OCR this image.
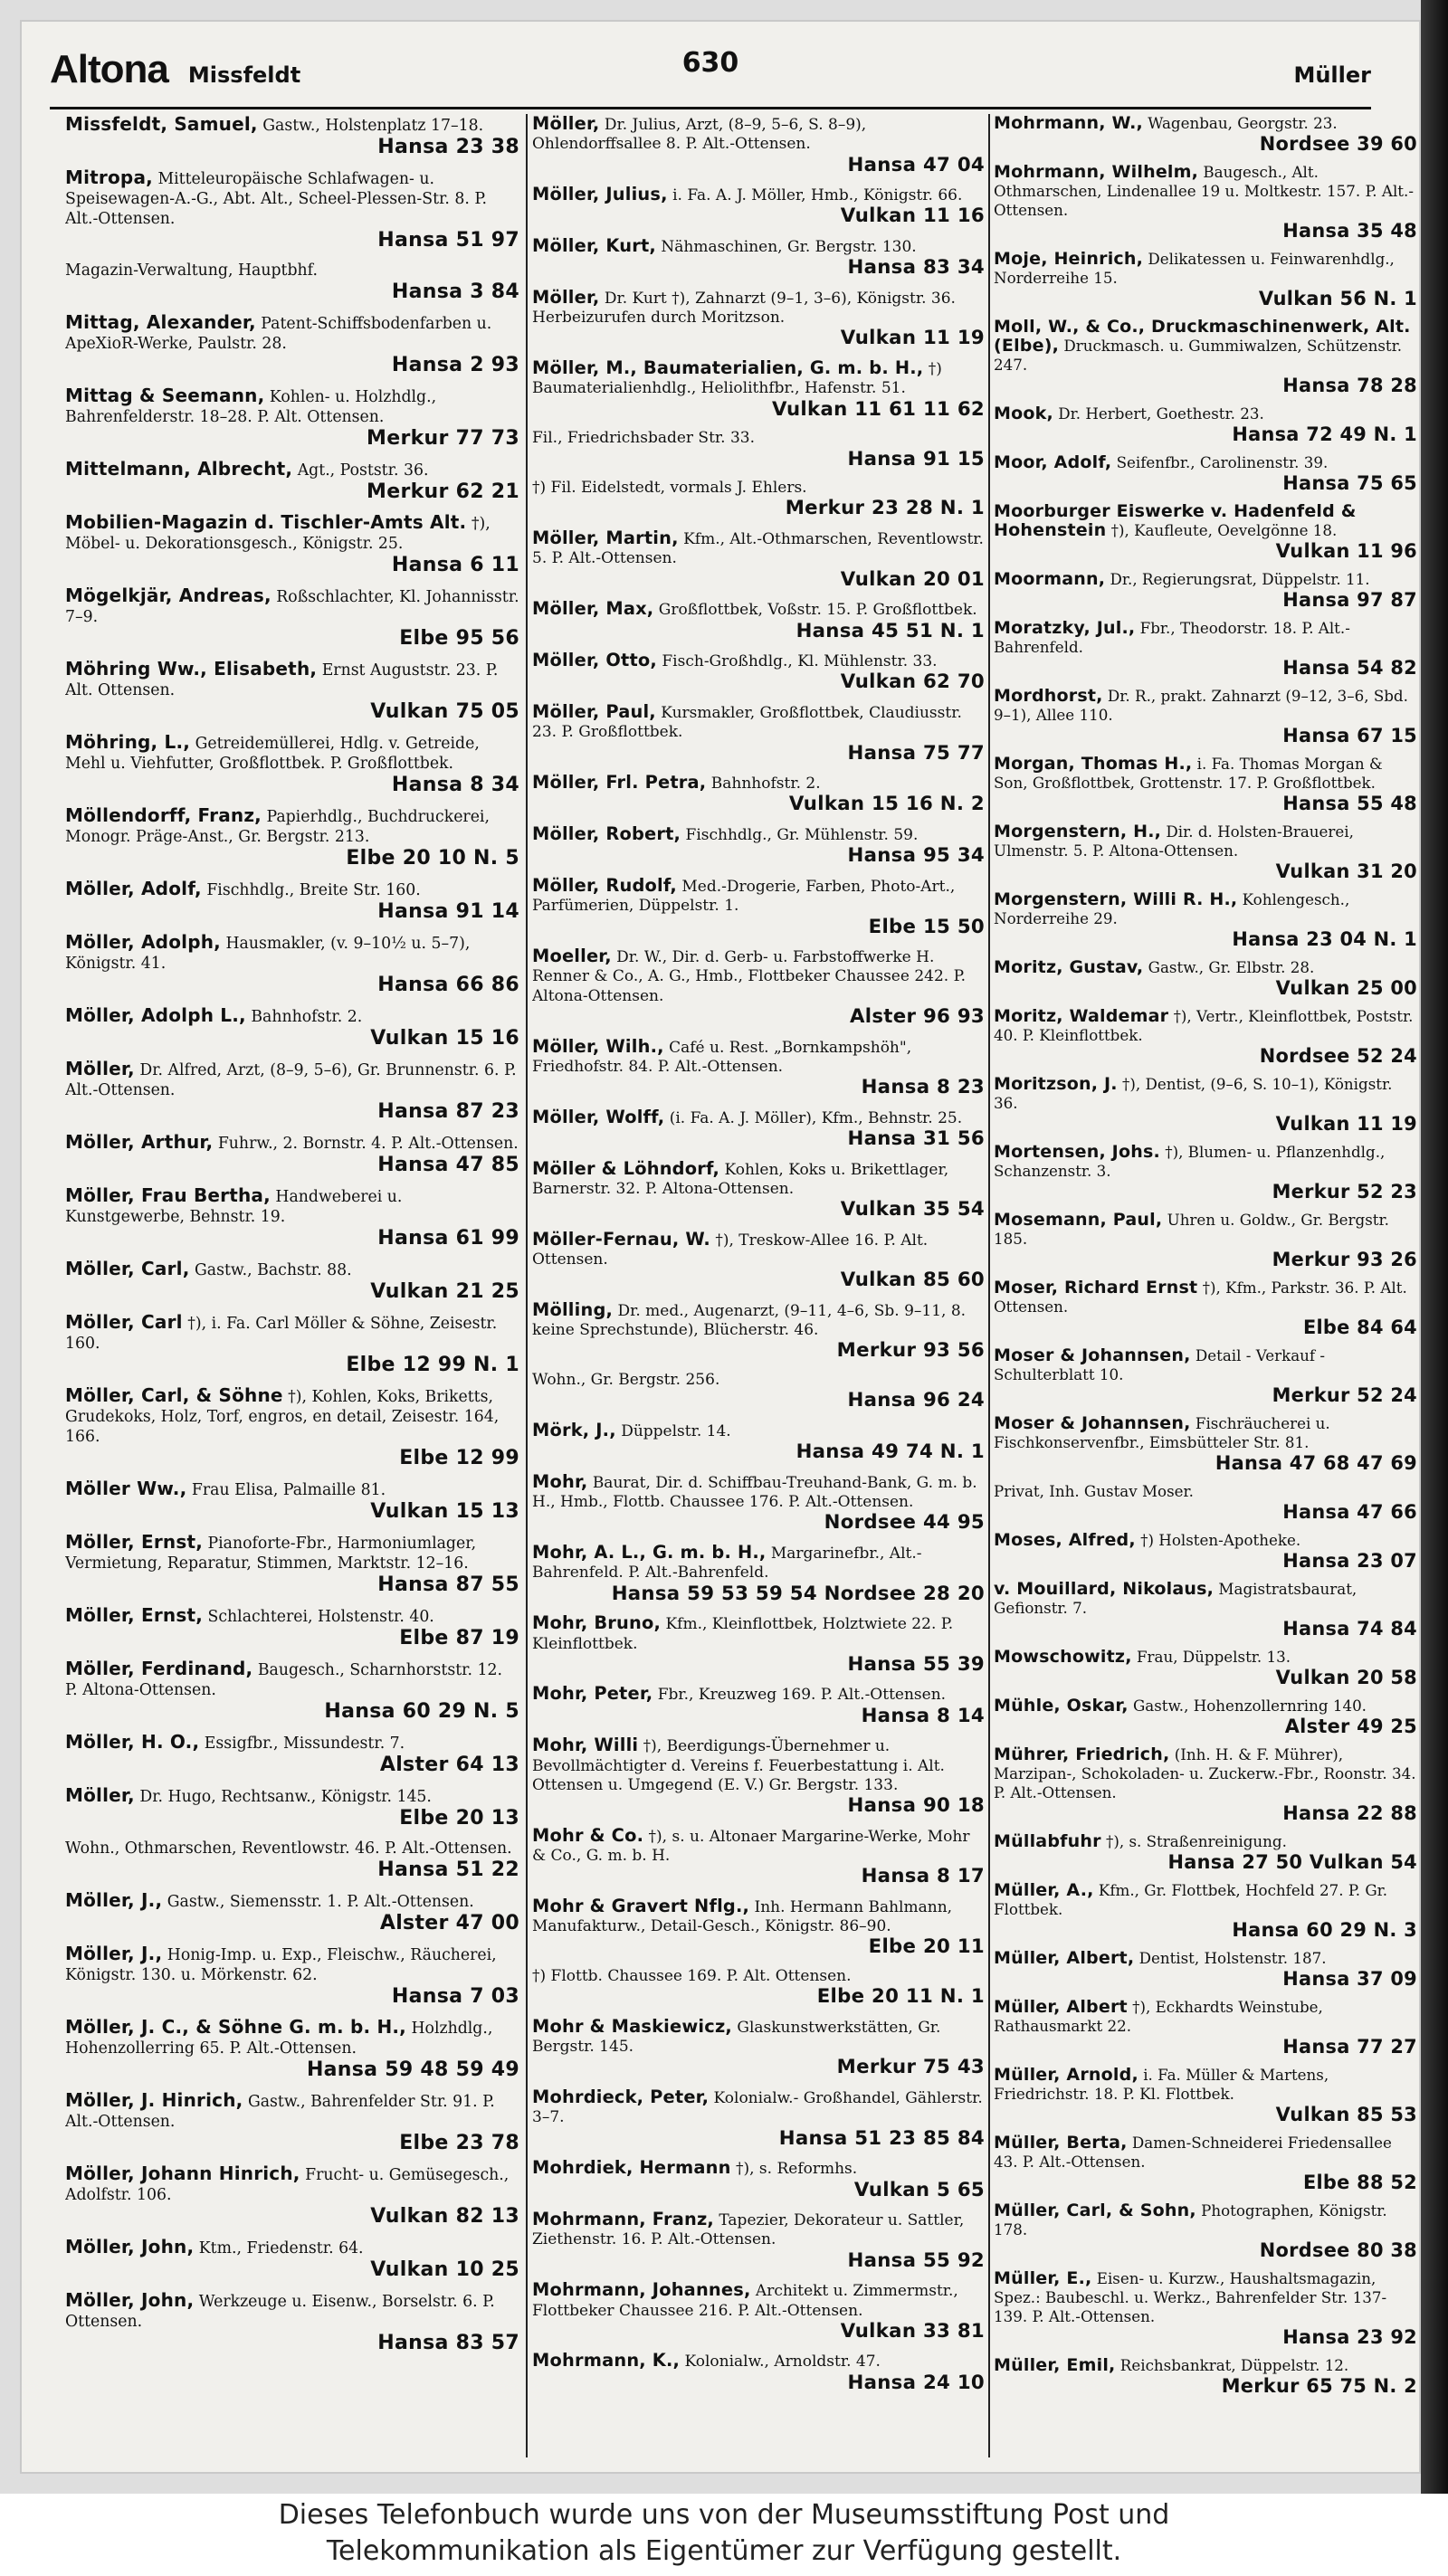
Altona Missfeldt	630	Müller
Missfeldt, Samuel, Gastw., Holstenplatz 17–18.
Hansa 23 38
Mitropa, Mitteleuropäische Schlafwagen- u. Speisewagen-A.-G., Abt. Alt., Scheel-Plessen-Str. 8. P. Alt.-Ottensen.
Hansa 51 97
Magazin-Verwaltung, Hauptbhf.
Hansa 3 84
Mittag, Alexander, Patent-Schiffsbodenfarben u. ApeXioR-Werke, Paulstr. 28.
Hansa 2 93
Mittag & Seemann, Kohlen- u. Holzhdlg., Bahrenfelderstr. 18–28. P. Alt. Ottensen.
Merkur 77 73
Mittelmann, Albrecht, Agt., Poststr. 36.
Merkur 62 21
Mobilien-Magazin d. Tischler-Amts Alt. †), Möbel- u. Dekorationsgesch., Königstr. 25.
Hansa 6 11
Mögelkjär, Andreas, Roßschlachter, Kl. Johannisstr. 7–9.
Elbe 95 56
Möhring Ww., Elisabeth, Ernst Auguststr. 23. P. Alt. Ottensen.
Vulkan 75 05
Möhring, L., Getreidemüllerei, Hdlg. v. Getreide, Mehl u. Viehfutter, Großflottbek. P. Großflottbek.
Hansa 8 34
Möllendorff, Franz, Papierhdlg., Buchdruckerei, Monogr. Präge-Anst., Gr. Bergstr. 213.
Elbe 20 10 N. 5
Möller, Adolf, Fischhdlg., Breite Str. 160.
Hansa 91 14
Möller, Adolph, Hausmakler, (v. 9–10½ u. 5–7), Königstr. 41.
Hansa 66 86
Möller, Adolph L., Bahnhofstr. 2.
Vulkan 15 16
Möller, Dr. Alfred, Arzt, (8–9, 5–6), Gr. Brunnenstr. 6. P. Alt.-Ottensen.
Hansa 87 23
Möller, Arthur, Fuhrw., 2. Bornstr. 4. P. Alt.-Ottensen.
Hansa 47 85
Möller, Frau Bertha, Handweberei u. Kunstgewerbe, Behnstr. 19.
Hansa 61 99
Möller, Carl, Gastw., Bachstr. 88.
Vulkan 21 25
Möller, Carl †), i. Fa. Carl Möller & Söhne, Zeisestr. 160.
Elbe 12 99 N. 1
Möller, Carl, & Söhne †), Kohlen, Koks, Briketts, Grudekoks, Holz, Torf, engros, en detail, Zeisestr. 164, 166.
Elbe 12 99
Möller Ww., Frau Elisa, Palmaille 81.
Vulkan 15 13
Möller, Ernst, Pianoforte-Fbr., Harmoniumlager, Vermietung, Reparatur, Stimmen, Marktstr. 12–16.
Hansa 87 55
Möller, Ernst, Schlachterei, Holstenstr. 40.
Elbe 87 19
Möller, Ferdinand, Baugesch., Scharnhorststr. 12. P. Altona-Ottensen.
Hansa 60 29 N. 5
Möller, H. O., Essigfbr., Missundestr. 7.
Alster 64 13
Möller, Dr. Hugo, Rechtsanw., Königstr. 145.
Elbe 20 13
Wohn., Othmarschen, Reventlowstr. 46. P. Alt.-Ottensen.
Hansa 51 22
Möller, J., Gastw., Siemensstr. 1. P. Alt.-Ottensen.
Alster 47 00
Möller, J., Honig-Imp. u. Exp., Fleischw., Räucherei, Königstr. 130. u. Mörkenstr. 62.
Hansa 7 03
Möller, J. C., & Söhne G. m. b. H., Holzhdlg., Hohenzollerring 65. P. Alt.-Ottensen.
Hansa 59 48 59 49
Möller, J. Hinrich, Gastw., Bahrenfelder Str. 91. P. Alt.-Ottensen.
Elbe 23 78
Möller, Johann Hinrich, Frucht- u. Gemüsegesch., Adolfstr. 106.
Vulkan 82 13
Möller, John, Ktm., Friedenstr. 64.
Vulkan 10 25
Möller, John, Werkzeuge u. Eisenw., Borselstr. 6. P. Ottensen.
Hansa 83 57
Möller, Dr. Julius, Arzt, (8–9, 5–6, S. 8–9), Ohlendorffsallee 8. P. Alt.-Ottensen.
Hansa 47 04
Möller, Julius, i. Fa. A. J. Möller, Hmb., Königstr. 66.
Vulkan 11 16
Möller, Kurt, Nähmaschinen, Gr. Bergstr. 130.
Hansa 83 34
Möller, Dr. Kurt †), Zahnarzt (9–1, 3–6), Königstr. 36. Herbeizurufen durch Moritzson.
Vulkan 11 19
Möller, M., Baumaterialien, G. m. b. H., †) Baumaterialienhdlg., Heliolithfbr., Hafenstr. 51.
Vulkan 11 61 11 62
Fil., Friedrichsbader Str. 33.
Hansa 91 15
†) Fil. Eidelstedt, vormals J. Ehlers.
Merkur 23 28 N. 1
Möller, Martin, Kfm., Alt.-Othmarschen, Reventlowstr. 5. P. Alt.-Ottensen.
Vulkan 20 01
Möller, Max, Großflottbek, Voßstr. 15. P. Großflottbek.
Hansa 45 51 N. 1
Möller, Otto, Fisch-Großhdlg., Kl. Mühlenstr. 33.
Vulkan 62 70
Möller, Paul, Kursmakler, Großflottbek, Claudiusstr. 23. P. Großflottbek.
Hansa 75 77
Möller, Frl. Petra, Bahnhofstr. 2.
Vulkan 15 16 N. 2
Möller, Robert, Fischhdlg., Gr. Mühlenstr. 59.
Hansa 95 34
Möller, Rudolf, Med.-Drogerie, Farben, Photo-Art., Parfümerien, Düppelstr. 1.
Elbe 15 50
Moeller, Dr. W., Dir. d. Gerb- u. Farbstoffwerke H. Renner & Co., A. G., Hmb., Flottbeker Chaussee 242. P. Altona-Ottensen.
Alster 96 93
Möller, Wilh., Café u. Rest. „Bornkampshöh", Friedhofstr. 84. P. Alt.-Ottensen.
Hansa 8 23
Möller, Wolff, (i. Fa. A. J. Möller), Kfm., Behnstr. 25.
Hansa 31 56
Möller & Löhndorf, Kohlen, Koks u. Brikettlager, Barnerstr. 32. P. Altona-Ottensen.
Vulkan 35 54
Möller-Fernau, W. †), Treskow-Allee 16. P. Alt. Ottensen.
Vulkan 85 60
Mölling, Dr. med., Augenarzt, (9–11, 4–6, Sb. 9–11, 8. keine Sprechstunde), Blücherstr. 46.
Merkur 93 56
Wohn., Gr. Bergstr. 256.
Hansa 96 24
Mörk, J., Düppelstr. 14.
Hansa 49 74 N. 1
Mohr, Baurat, Dir. d. Schiffbau-Treuhand-Bank, G. m. b. H., Hmb., Flottb. Chaussee 176. P. Alt.-Ottensen.
Nordsee 44 95
Mohr, A. L., G. m. b. H., Margarinefbr., Alt.-Bahrenfeld. P. Alt.-Bahrenfeld.
Hansa 59 53 59 54 Nordsee 28 20
Mohr, Bruno, Kfm., Kleinflottbek, Holztwiete 22. P. Kleinflottbek.
Hansa 55 39
Mohr, Peter, Fbr., Kreuzweg 169. P. Alt.-Ottensen.
Hansa 8 14
Mohr, Willi †), Beerdigungs-Übernehmer u. Bevollmächtigter d. Vereins f. Feuerbestattung i. Alt. Ottensen u. Umgegend (E. V.) Gr. Bergstr. 133.
Hansa 90 18
Mohr & Co. †), s. u. Altonaer Margarine-Werke, Mohr & Co., G. m. b. H.
Hansa 8 17
Mohr & Gravert Nflg., Inh. Hermann Bahlmann, Manufakturw., Detail-Gesch., Königstr. 86–90.
Elbe 20 11
†) Flottb. Chaussee 169. P. Alt. Ottensen.
Elbe 20 11 N. 1
Mohr & Maskiewicz, Glaskunstwerkstätten, Gr. Bergstr. 145.
Merkur 75 43
Mohrdieck, Peter, Kolonialw.- Großhandel, Gählerstr. 3–7.
Hansa 51 23 85 84
Mohrdiek, Hermann †), s. Reformhs.
Vulkan 5 65
Mohrmann, Franz, Tapezier, Dekorateur u. Sattler, Ziethenstr. 16. P. Alt.-Ottensen.
Hansa 55 92
Mohrmann, Johannes, Architekt u. Zimmermstr., Flottbeker Chaussee 216. P. Alt.-Ottensen.
Vulkan 33 81
Mohrmann, K., Kolonialw., Arnoldstr. 47.
Hansa 24 10
Mohrmann, W., Wagenbau, Georgstr. 23.
Nordsee 39 60
Mohrmann, Wilhelm, Baugesch., Alt. Othmarschen, Lindenallee 19 u. Moltkestr. 157. P. Alt.-Ottensen.
Hansa 35 48
Moje, Heinrich, Delikatessen u. Feinwarenhdlg., Norderreihe 15.
Vulkan 56 N. 1
Moll, W., & Co., Druckmaschinenwerk, Alt. (Elbe), Druckmasch. u. Gummiwalzen, Schützenstr. 247.
Hansa 78 28
Mook, Dr. Herbert, Goethestr. 23.
Hansa 72 49 N. 1
Moor, Adolf, Seifenfbr., Carolinenstr. 39.
Hansa 75 65
Moorburger Eiswerke v. Hadenfeld & Hohenstein †), Kaufleute, Oevelgönne 18.
Vulkan 11 96
Moormann, Dr., Regierungsrat, Düppelstr. 11.
Hansa 97 87
Moratzky, Jul., Fbr., Theodorstr. 18. P. Alt.-Bahrenfeld.
Hansa 54 82
Mordhorst, Dr. R., prakt. Zahnarzt (9–12, 3–6, Sbd. 9–1), Allee 110.
Hansa 67 15
Morgan, Thomas H., i. Fa. Thomas Morgan & Son, Großflottbek, Grottenstr. 17. P. Großflottbek.
Hansa 55 48
Morgenstern, H., Dir. d. Holsten-Brauerei, Ulmenstr. 5. P. Altona-Ottensen.
Vulkan 31 20
Morgenstern, Willi R. H., Kohlengesch., Norderreihe 29.
Hansa 23 04 N. 1
Moritz, Gustav, Gastw., Gr. Elbstr. 28.
Vulkan 25 00
Moritz, Waldemar †), Vertr., Kleinflottbek, Poststr. 40. P. Kleinflottbek.
Nordsee 52 24
Moritzson, J. †), Dentist, (9–6, S. 10–1), Königstr. 36.
Vulkan 11 19
Mortensen, Johs. †), Blumen- u. Pflanzenhdlg., Schanzenstr. 3.
Merkur 52 23
Mosemann, Paul, Uhren u. Goldw., Gr. Bergstr. 185.
Merkur 93 26
Moser, Richard Ernst †), Kfm., Parkstr. 36. P. Alt. Ottensen.
Elbe 84 64
Moser & Johannsen, Detail - Verkauf - Schulterblatt 10.
Merkur 52 24
Moser & Johannsen, Fischräucherei u. Fischkonservenfbr., Eimsbütteler Str. 81.
Hansa 47 68 47 69
Privat, Inh. Gustav Moser.
Hansa 47 66
Moses, Alfred, †) Holsten-Apotheke.
Hansa 23 07
v. Mouillard, Nikolaus, Magistratsbaurat, Gefionstr. 7.
Hansa 74 84
Mowschowitz, Frau, Düppelstr. 13.
Vulkan 20 58
Mühle, Oskar, Gastw., Hohenzollernring 140.
Alster 49 25
Mührer, Friedrich, (Inh. H. & F. Mührer), Marzipan-, Schokoladen- u. Zuckerw.-Fbr., Roonstr. 34. P. Alt.-Ottensen.
Hansa 22 88
Müllabfuhr †), s. Straßenreinigung.
Hansa 27 50 Vulkan 54
Müller, A., Kfm., Gr. Flottbek, Hochfeld 27. P. Gr. Flottbek.
Hansa 60 29 N. 3
Müller, Albert, Dentist, Holstenstr. 187.
Hansa 37 09
Müller, Albert †), Eckhardts Weinstube, Rathausmarkt 22.
Hansa 77 27
Müller, Arnold, i. Fa. Müller & Martens, Friedrichstr. 18. P. Kl. Flottbek.
Vulkan 85 53
Müller, Berta, Damen-Schneiderei Friedensallee 43. P. Alt.-Ottensen.
Elbe 88 52
Müller, Carl, & Sohn, Photographen, Königstr. 178.
Nordsee 80 38
Müller, E., Eisen- u. Kurzw., Haushaltsmagazin, Spez.: Baubeschl. u. Werkz., Bahrenfelder Str. 137-139. P. Alt.-Ottensen.
Hansa 23 92
Müller, Emil, Reichsbankrat, Düppelstr. 12.
Merkur 65 75 N. 2
Dieses Telefonbuch wurde uns von der Museumsstiftung Post und
Telekommunikation als Eigentümer zur Verfügung gestellt.
